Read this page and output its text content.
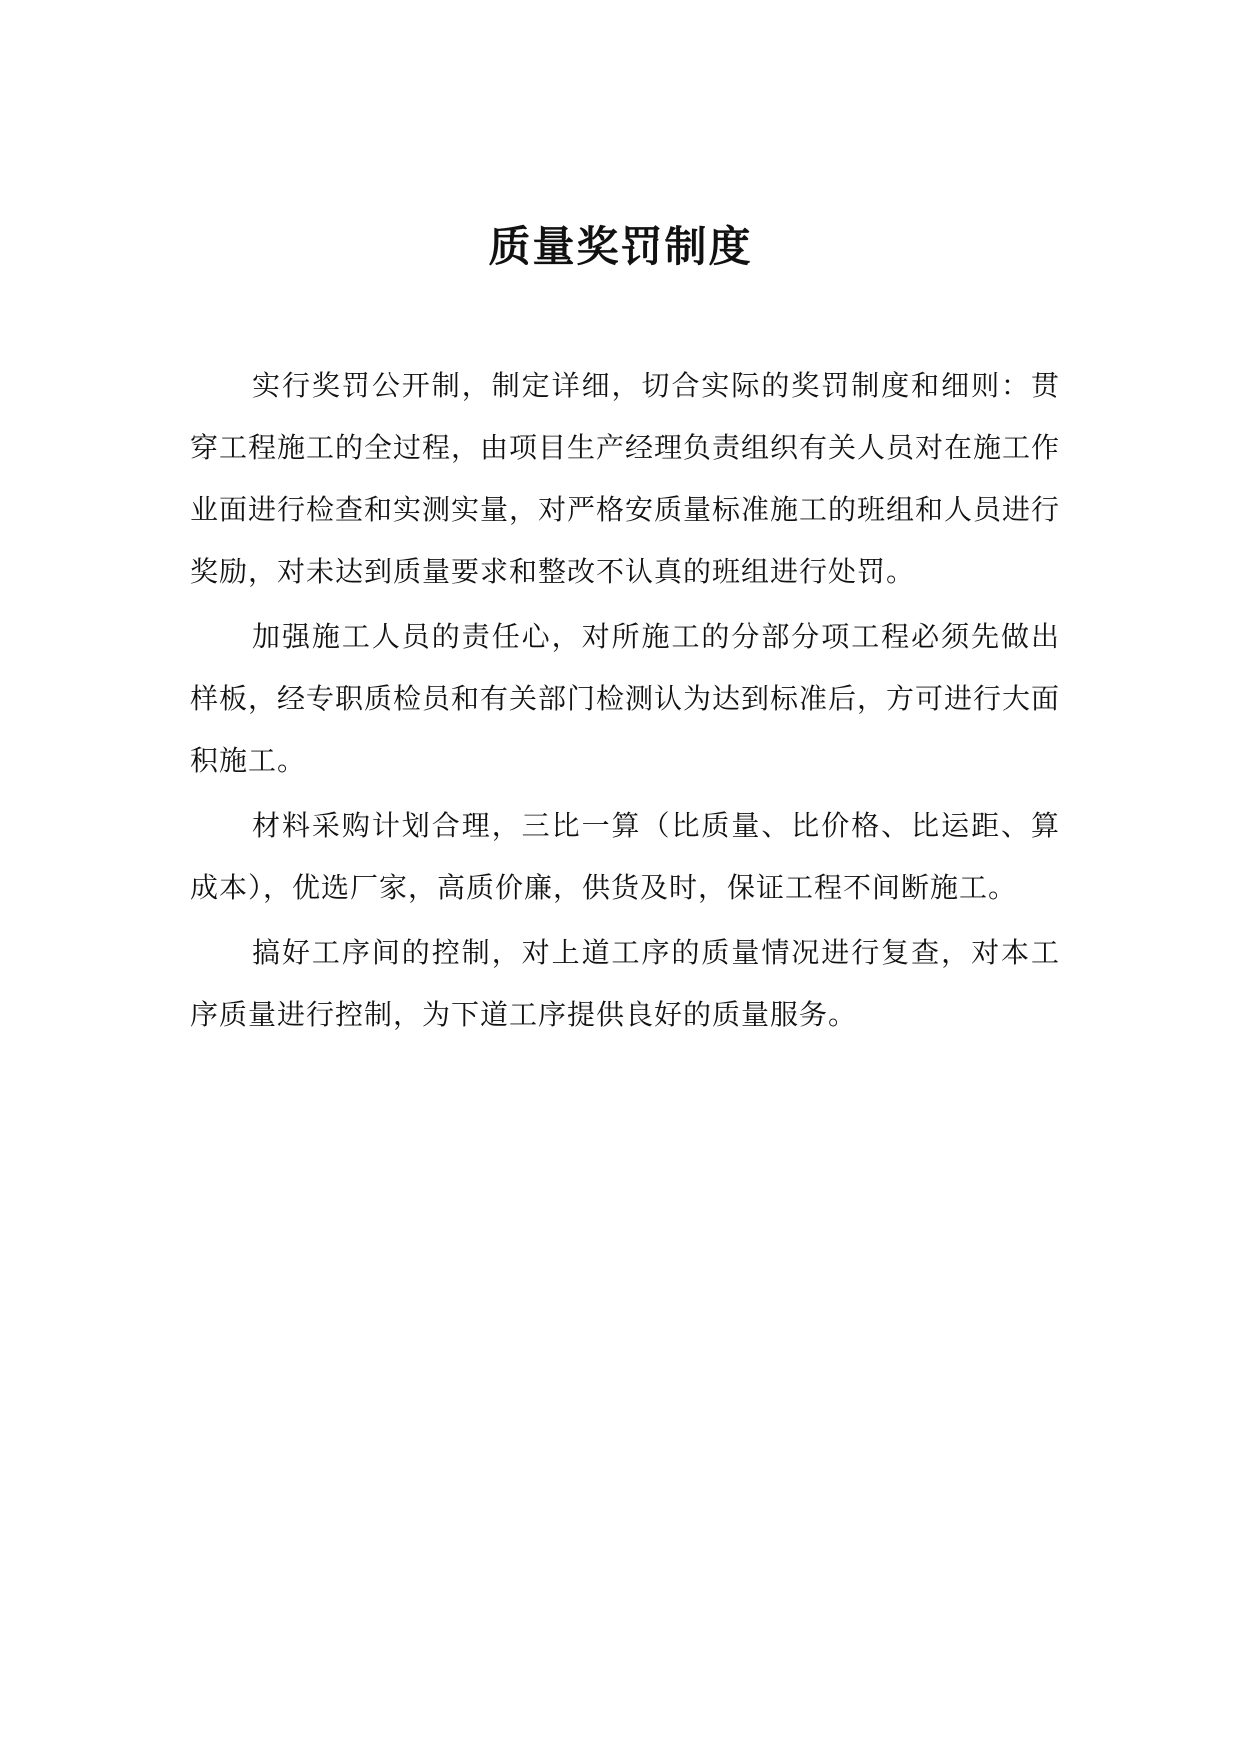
质量奖罚制度

实行奖罚公开制，制定详细，切合实际的奖罚制度和细则：贯穿工程施工的全过程，由项目生产经理负责组织有关人员对在施工作业面进行检查和实测实量，对严格安质量标准施工的班组和人员进行奖励，对未达到质量要求和整改不认真的班组进行处罚。

加强施工人员的责任心，对所施工的分部分项工程必须先做出样板，经专职质检员和有关部门检测认为达到标准后，方可进行大面积施工。

材料采购计划合理，三比一算（比质量、比价格、比运距、算成本），优选厂家，高质价廉，供货及时，保证工程不间断施工。

搞好工序间的控制，对上道工序的质量情况进行复查，对本工序质量进行控制，为下道工序提供良好的质量服务。
